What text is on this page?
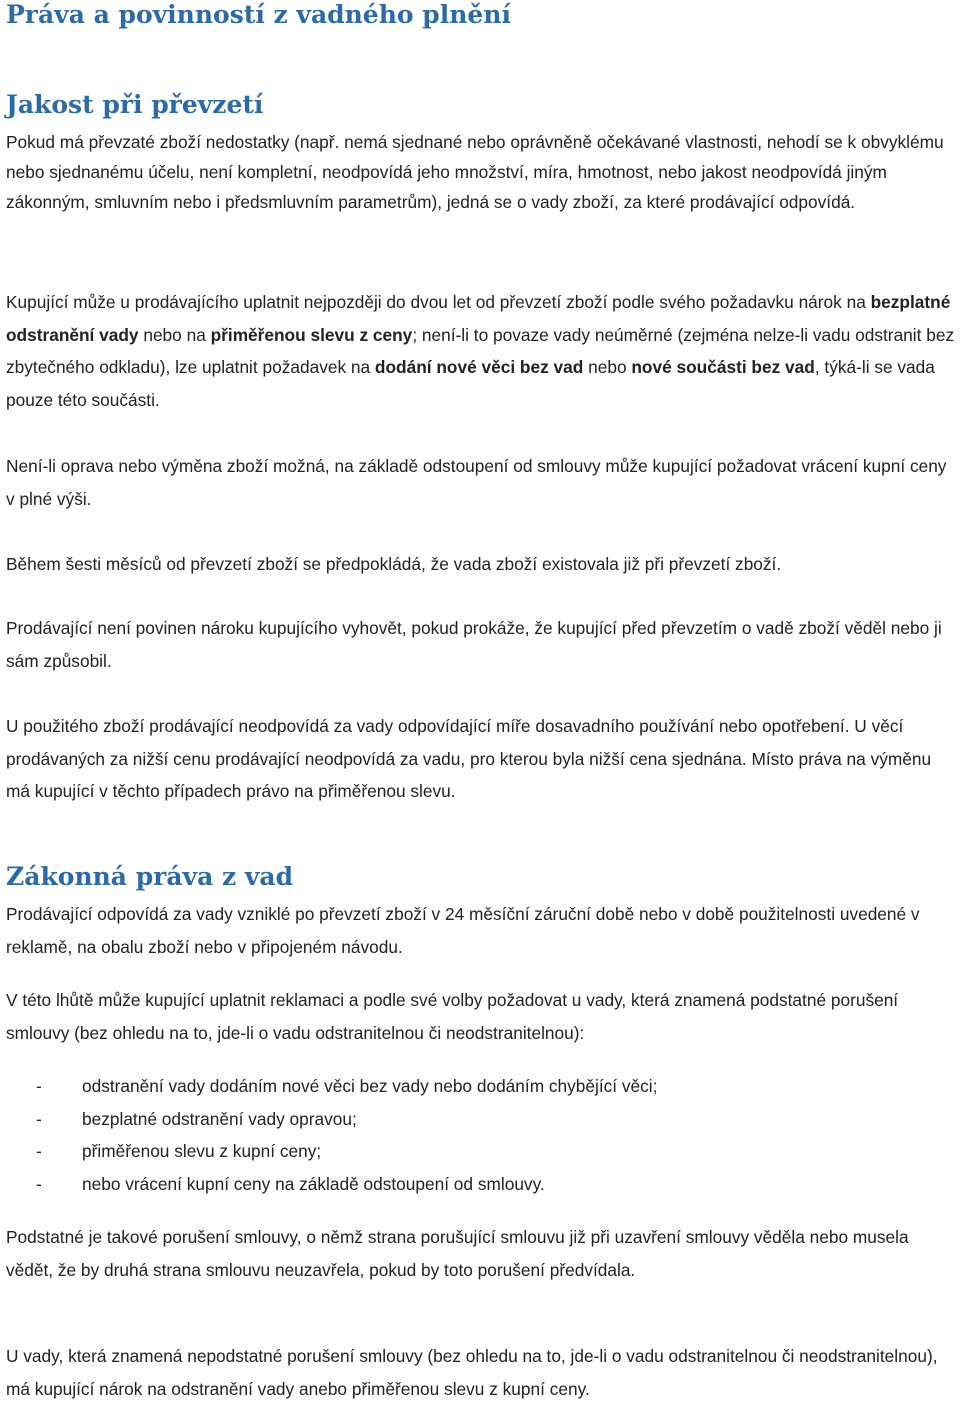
Práva a povinností z vadného plnění
Jakost při převzetí

Pokud má převzaté zboží nedostatky (např. nemá sjednané nebo oprávněně očekávané vlastnosti, nehodí se k obvyklému nebo sjednanému účelu, není kompletní, neodpovídá jeho množství, míra, hmotnost, nebo jakost neodpovídá jiným zákonným, smluvním nebo i předsmluvním parametrům), jedná se o vady zboží, za které prodávající odpovídá.

Kupující může u prodávajícího uplatnit nejpozději do dvou let od převzetí zboží podle svého požadavku nárok na bezplatné odstranění vady nebo na přiměřenou slevu z ceny; není-li to povaze vady neúměrné (zejména nelze-li vadu odstranit bez zbytečného odkladu), lze uplatnit požadavek na dodání nové věci bez vad nebo nové součásti bez vad, týká-li se vada pouze této součásti.

Není-li oprava nebo výměna zboží možná, na základě odstoupení od smlouvy může kupující požadovat vrácení kupní ceny v plné výši.

Během šesti měsíců od převzetí zboží se předpokládá, že vada zboží existovala již při převzetí zboží.

Prodávající není povinen nároku kupujícího vyhovět, pokud prokáže, že kupující před převzetím o vadě zboží věděl nebo ji sám způsobil.

U použitého zboží prodávající neodpovídá za vady odpovídající míře dosavadního používání nebo opotřebení. U věcí prodávaných za nižší cenu prodávající neodpovídá za vadu, pro kterou byla nižší cena sjednána. Místo práva na výměnu má kupující v těchto případech právo na přiměřenou slevu.

Zákonná práva z vad

Prodávající odpovídá za vady vzniklé po převzetí zboží v 24 měsíční záruční době nebo v době použitelnosti uvedené v reklamě, na obalu zboží nebo v připojeném návodu.

V této lhůtě může kupující uplatnit reklamaci a podle své volby požadovat u vady, která znamená podstatné porušení smlouvy (bez ohledu na to, jde-li o vadu odstranitelnou či neodstranitelnou):

- odstranění vady dodáním nové věci bez vady nebo dodáním chybějící věci;
- bezplatné odstranění vady opravou;
- přiměřenou slevu z kupní ceny;
- nebo vrácení kupní ceny na základě odstoupení od smlouvy.

Podstatné je takové porušení smlouvy, o němž strana porušující smlouvu již při uzavření smlouvy věděla nebo musela vědět, že by druhá strana smlouvu neuzavřela, pokud by toto porušení předvídala.

U vady, která znamená nepodstatné porušení smlouvy (bez ohledu na to, jde-li o vadu odstranitelnou či neodstranitelnou), má kupující nárok na odstranění vady anebo přiměřenou slevu z kupní ceny.
